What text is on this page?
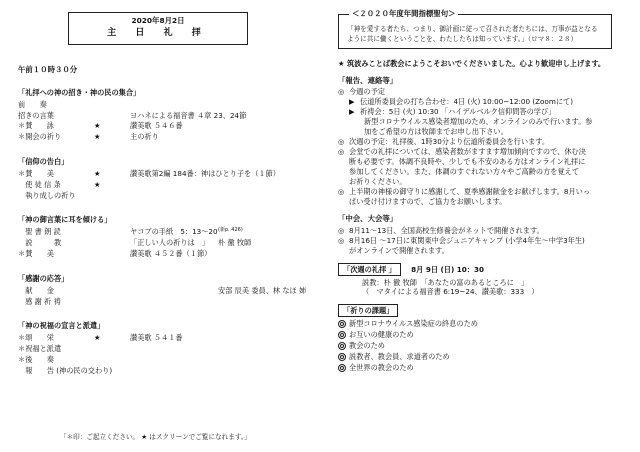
2020年8月2日
主 日 礼 拝
午前１０時３０分
「礼拝への神の招き・神の民の集合」
前　　奏
招きの言葉	ヨハネによる福音書 ４章 23、24節
＊賛　　詠	★	讃美歌 ５４６番
＊開会の祈り	★	主の祈り
「信仰の告白」
＊賛　　美	★	讃美歌第2編 184番：神はひとり子を（１節）
　使 徒 信 条	★
　執り成しの祈り
「神の御言葉に耳を傾ける」
　聖 書 朗 読	ヤコブの手紙　5：13～20 (新p. 426)
　説　　　教	「正しい人の祈りは　」 朴 徹 牧師
＊賛　　美	讃美歌 ４５２番（１節）
「感謝の応答」
　献　　金	安部 辰美 委員、林 なほ 姉
　感 謝 祈 祷
「神の祝福の宣言と派遣」
＊頌　　栄	★	讃美歌 ５４１番
＊祝福と派遣
＊後　　奏
　報　　告 (神の民の交わり)
「＊印：ご起立ください。 ★ はスクリーンでご覧になれます。」
＜２０２０年度年間指標聖句＞
「神を愛する者たち、つまり、御計画に従って召された者たちには、万事が益となる
ように共に働くということを、わたしたちは知っています。」（ロマ８：２８）
★ 筑波みことば教会にようこそおいでくださいました。心より歓迎申し上げます。
「報告、連絡等」
◎ 今週の予定
▶ 伝道所委員会の打ち合わせ：4日 (火) 10:00~12:00 (Zoomにて)
▶ 祈祷会：5日 (火) 10:30 「ハイデルベルク信仰問答の学び」
新型コロナウイルス感染者増加のため、オンラインのみで行います。参
加をご希望の方は牧師までお申し出下さい。
◎ 次週の予定：礼拝後、1時30分より伝道所委員会を行います。
◎ 会堂での礼拝については、感染者数がますます増加傾向ですので、休む決
断も必要です。体調不良時や、少しでも不安のある方はオンライン礼拝に
参加してください。また、体調のすぐれない方々やご高齢の方を覚えて
お祈りください。
◎ 上半期の神様の御守りに感謝して、夏季感謝献金をお献げします。8月いっ
ぱい受け付けますので、ご協力をお願いします。
「中会、大会等」
◎ 8月11～13日、全国高校生修養会がネットで開催されます。
◎ 8月16日 ～17日に東関東中会ジュニアキャンプ (小学4年生～中学3年生)
がオンラインで開催されます。
「次週の礼拝 」 8月 9日 (日) 10：30
説教：朴 徹 牧師　「あなたの富のあるところに　」
（　マタイによる福音書 6:19~24、讃美歌：333　）
「祈りの課題」
新型コロナウイルス感染症の終息のため
お互いの健康のため
教会のため
説教者、教会員、求道者のため
全世界の教会のため
